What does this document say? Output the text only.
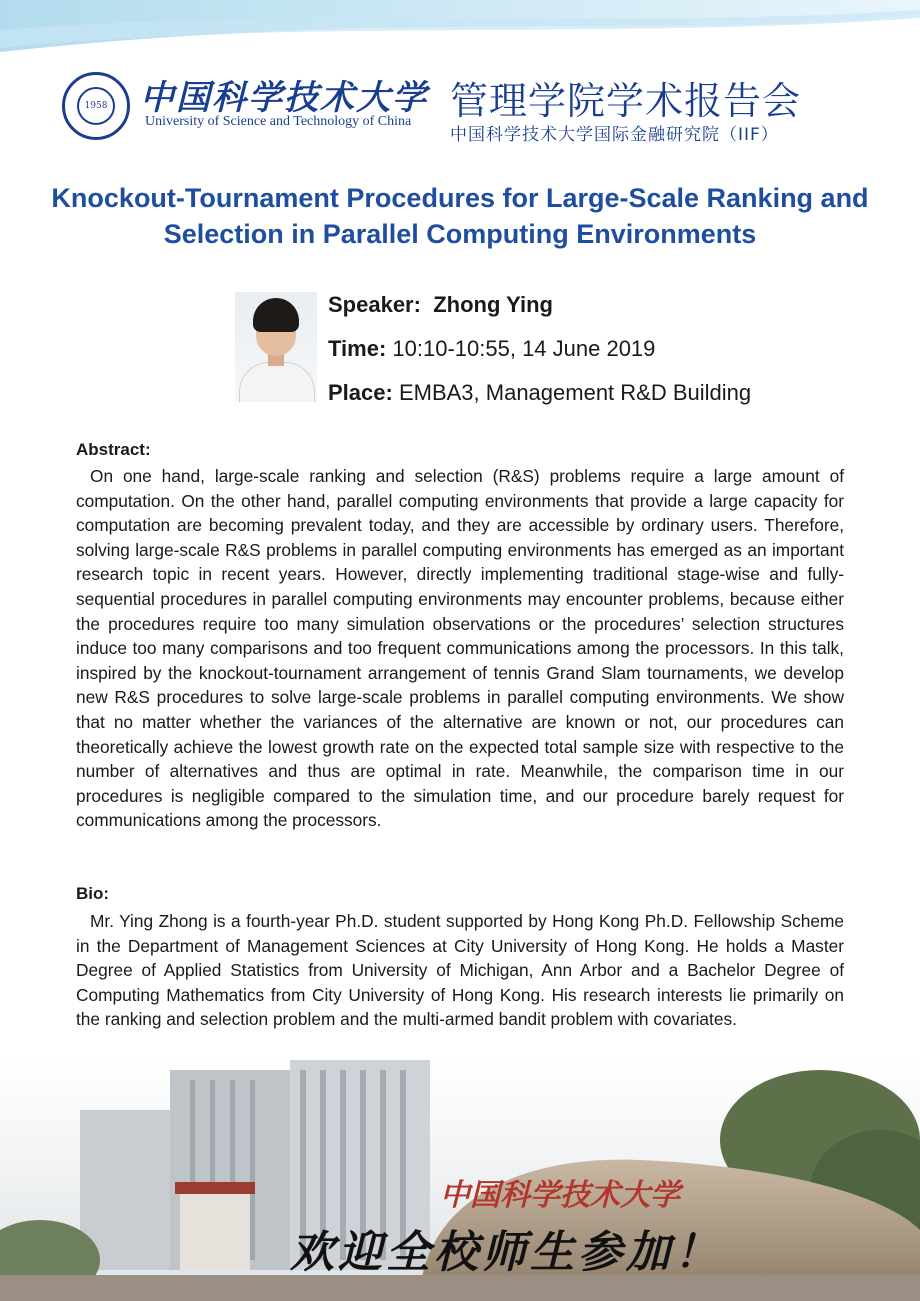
1958 中国科学技术大学
University of Science and Technology of China 管理学院学术报告会
中国科学技术大学国际金融研究院（IIF）
Knockout-Tournament Procedures for Large-Scale Ranking and Selection in Parallel Computing Environments
Speaker: Zhong Ying
Time: 10:10-10:55, 14 June 2019
Place: EMBA3, Management R&D Building
Abstract:
On one hand, large-scale ranking and selection (R&S) problems require a large amount of computation. On the other hand, parallel computing environments that provide a large capacity for computation are becoming prevalent today, and they are accessible by ordinary users. Therefore, solving large-scale R&S problems in parallel computing environments has emerged as an important research topic in recent years. However, directly implementing traditional stage-wise and fully-sequential procedures in parallel computing environments may encounter problems, because either the procedures require too many simulation observations or the procedures’ selection structures induce too many comparisons and too frequent communications among the processors. In this talk, inspired by the knockout-tournament arrangement of tennis Grand Slam tournaments, we develop new R&S procedures to solve large-scale problems in parallel computing environments. We show that no matter whether the variances of the alternative are known or not, our procedures can theoretically achieve the lowest growth rate on the expected total sample size with respective to the number of alternatives and thus are optimal in rate. Meanwhile, the comparison time in our procedures is negligible compared to the simulation time, and our procedure barely request for communications among the processors.
Bio:
Mr. Ying Zhong is a fourth-year Ph.D. student supported by Hong Kong Ph.D. Fellowship Scheme in the Department of Management Sciences at City University of Hong Kong. He holds a Master Degree of Applied Statistics from University of Michigan, Ann Arbor and a Bachelor Degree of Computing Mathematics from City University of Hong Kong. His research interests lie primarily on the ranking and selection problem and the multi-armed bandit problem with covariates.
中国科学技术大学
欢迎全校师生参加！
